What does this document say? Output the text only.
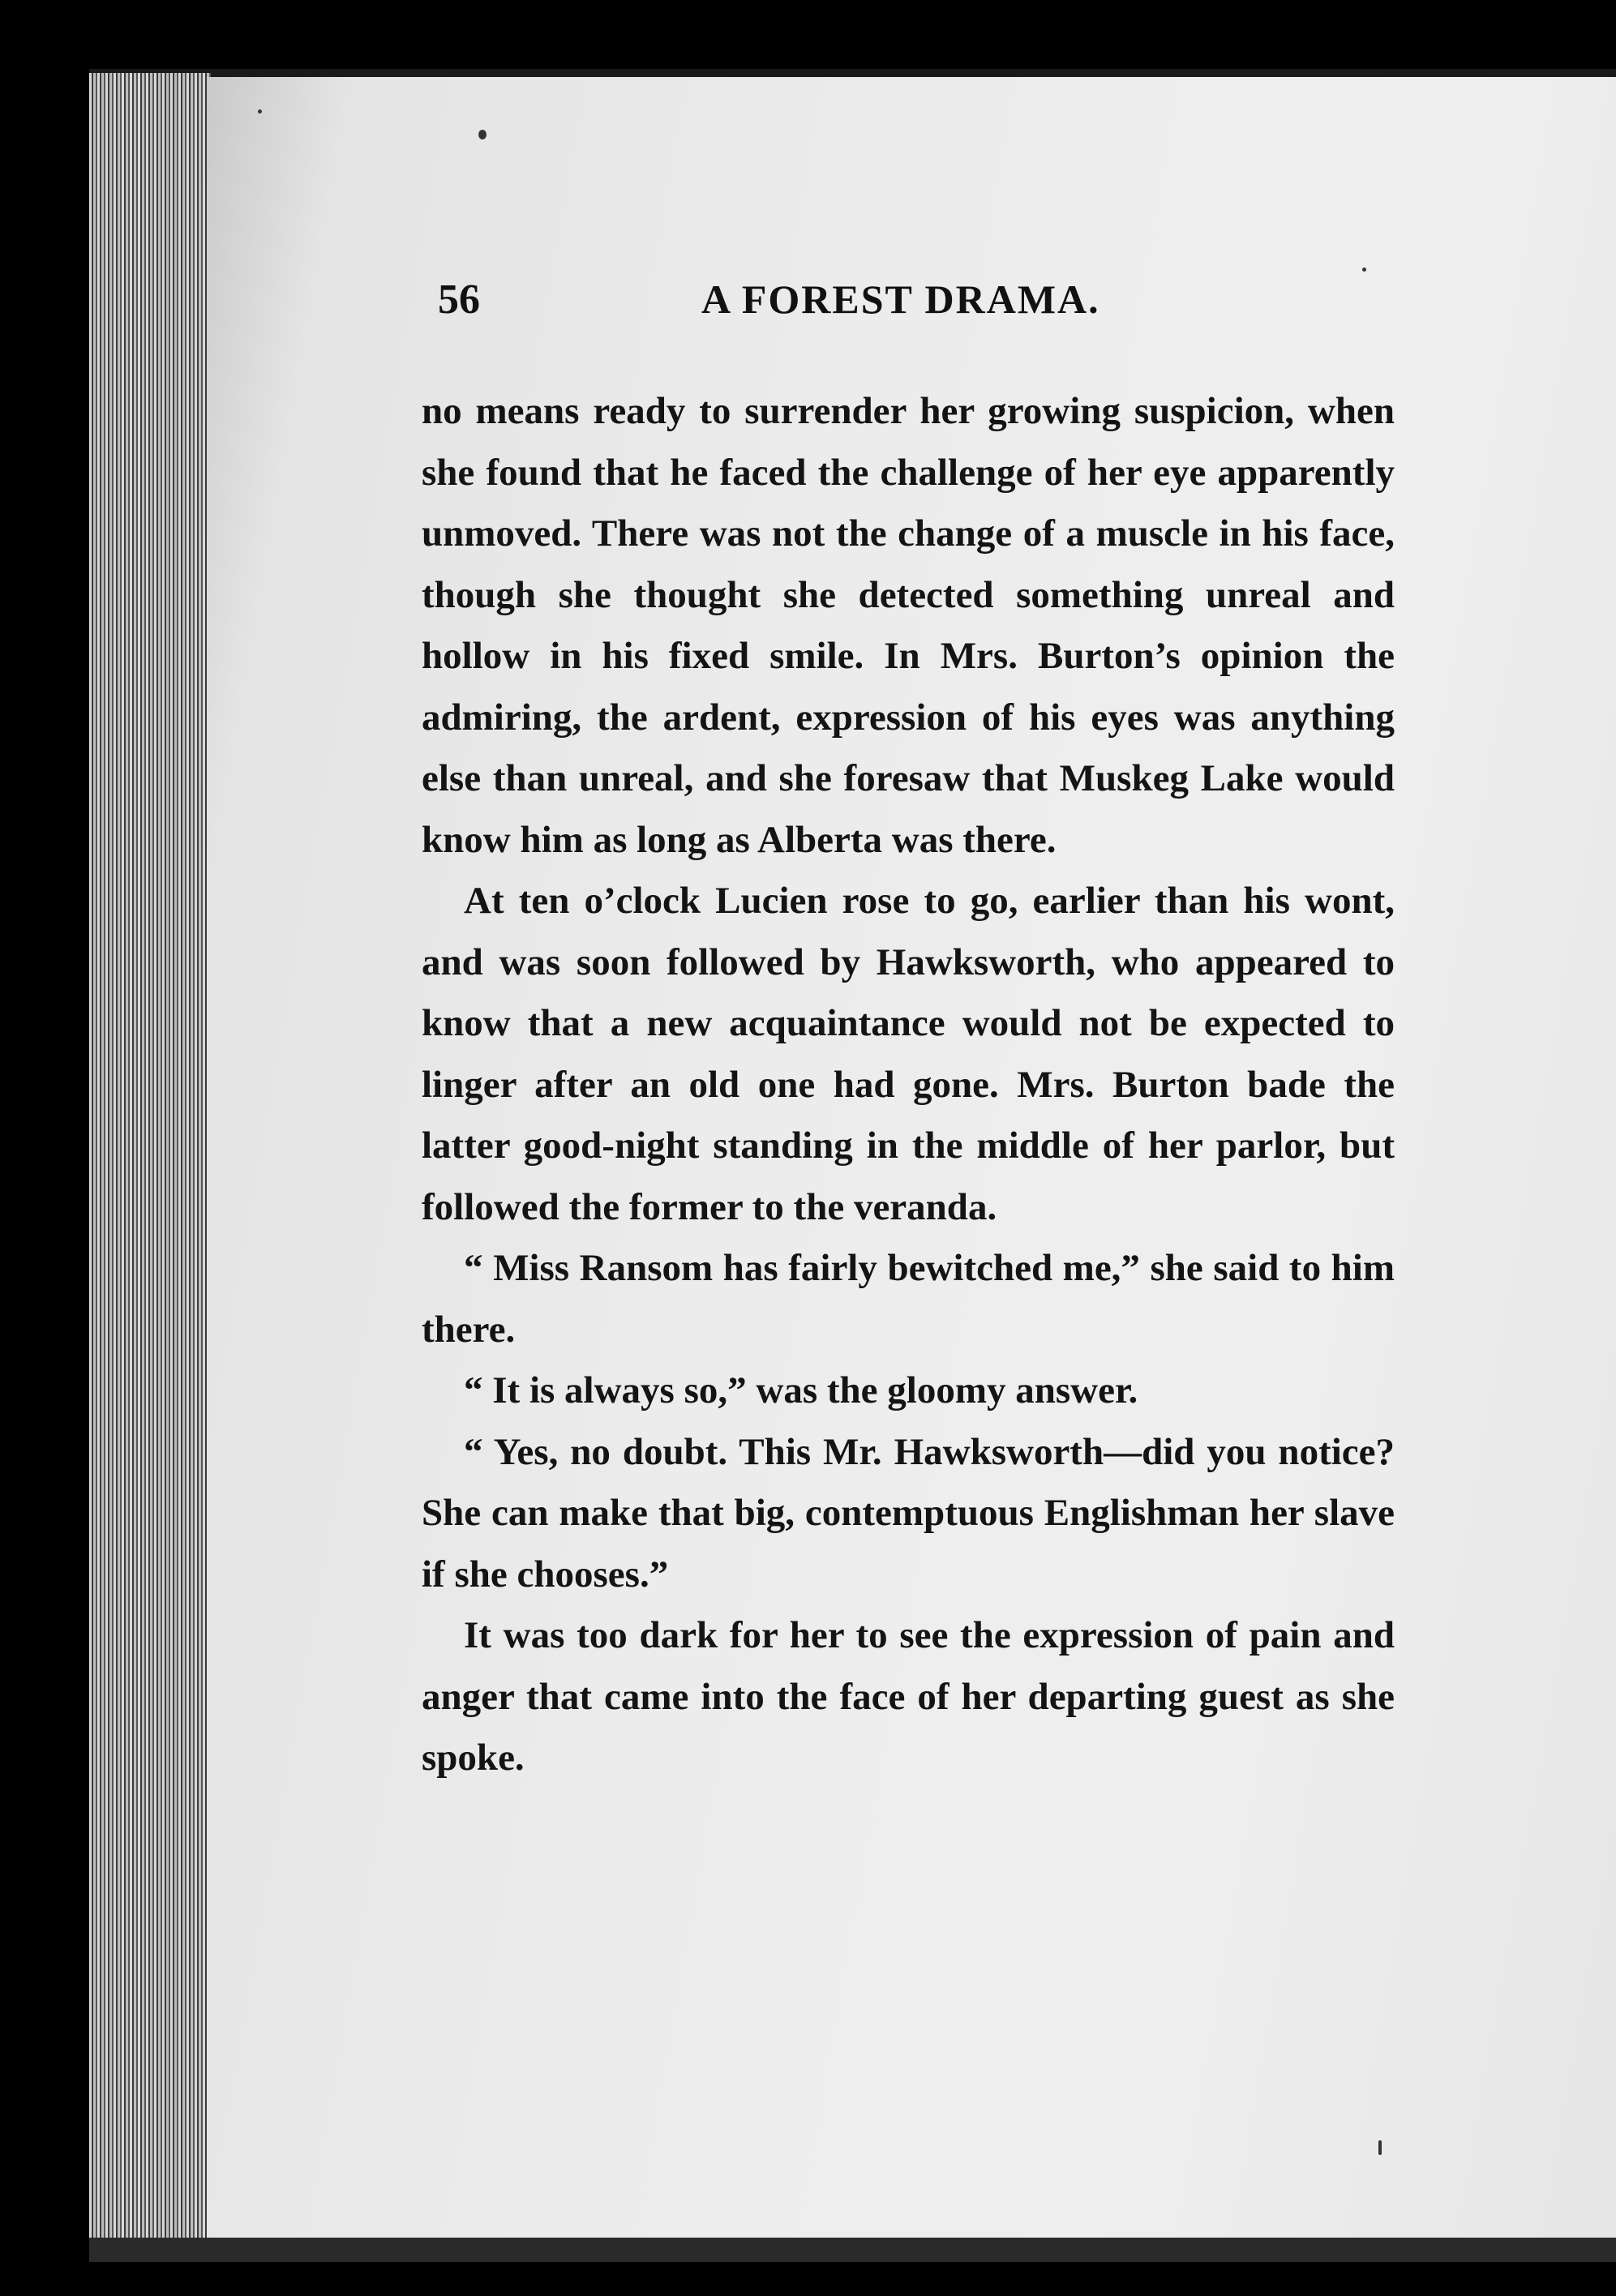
56	A FOREST DRAMA.

no means ready to surrender her growing suspicion, when she found that he faced the challenge of her eye apparently unmoved. There was not the change of a muscle in his face, though she thought she detected something unreal and hollow in his fixed smile. In Mrs. Burton’s opinion the admiring, the ardent, expression of his eyes was anything else than unreal, and she foresaw that Muskeg Lake would know him as long as Alberta was there.

At ten o’clock Lucien rose to go, earlier than his wont, and was soon followed by Hawksworth, who appeared to know that a new acquaintance would not be expected to linger after an old one had gone. Mrs. Burton bade the latter good-night standing in the middle of her parlor, but followed the former to the veranda.

“ Miss Ransom has fairly bewitched me,” she said to him there.

“ It is always so,” was the gloomy answer.

“ Yes, no doubt. This Mr. Hawksworth—did you notice? She can make that big, contemptuous Englishman her slave if she chooses.”

It was too dark for her to see the expression of pain and anger that came into the face of her departing guest as she spoke.
